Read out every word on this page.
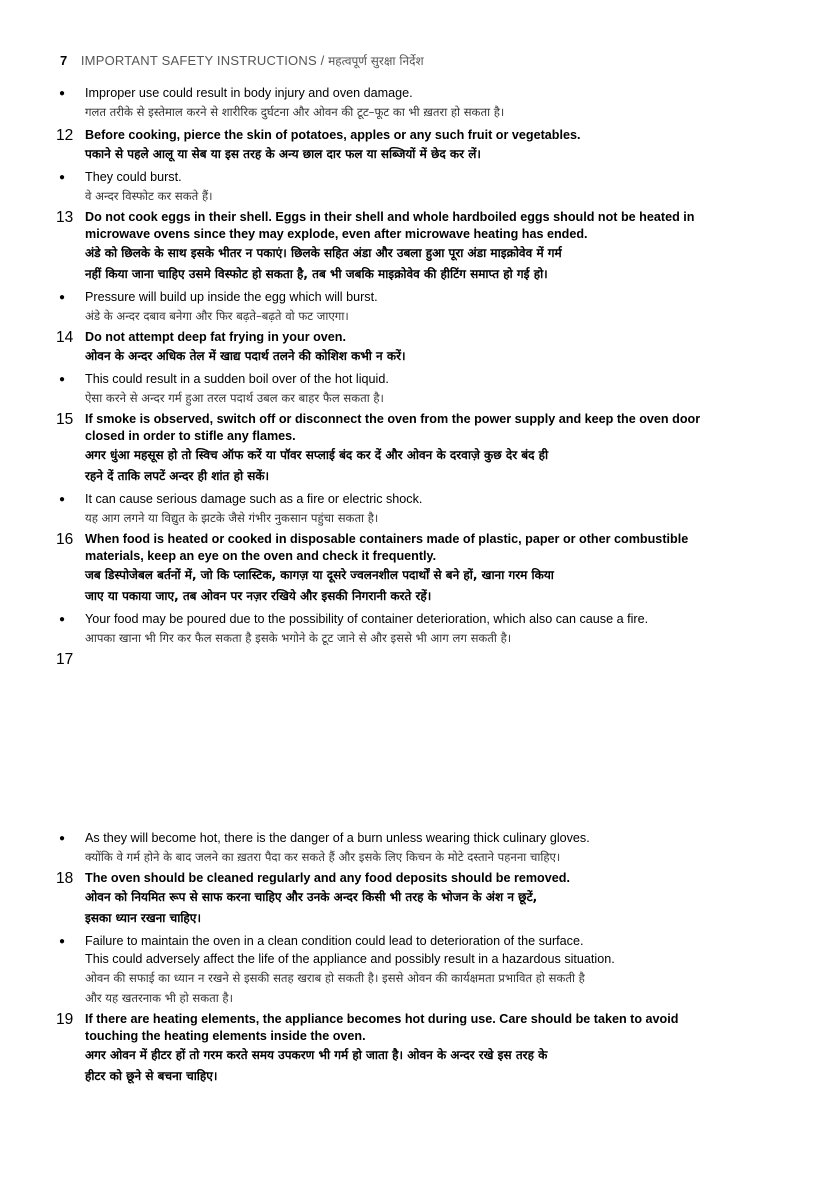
7 IMPORTANT SAFETY INSTRUCTIONS / महत्वपूर्ण सुरक्षा निर्देश
● Improper use could result in body injury and oven damage.
गलत तरीके से इस्तेमाल करने से शारीरिक दुर्घटना और ओवन की टूट–फूट का भी ख़तरा हो सकता है।
12 Before cooking, pierce the skin of potatoes, apples or any such fruit or vegetables.
पकाने से पहले आलू या सेब या इस तरह के अन्य छाल दार फल या सब्जियों में छेद कर लें।
● They could burst.
वे अन्दर विस्फोट कर सकते हैं।
13 Do not cook eggs in their shell. Eggs in their shell and whole hardboiled eggs should not be heated in
microwave ovens since they may explode, even after microwave heating has ended.
अंडे को छिलके के साथ इसके भीतर न पकाएं। छिलके सहित अंडा और उबला हुआ पूरा अंडा माइक्रोवेव में गर्म
नहीं किया जाना चाहिए उसमे विस्फोट हो सकता है, तब भी जबकि माइक्रोवेव की हीटिंग समाप्त हो गई हो।
● Pressure will build up inside the egg which will burst.
अंडे के अन्दर दबाव बनेगा और फिर बढ़ते–बढ़ते वो फट जाएगा।
14 Do not attempt deep fat frying in your oven.
ओवन के अन्दर अधिक तेल में खाद्य पदार्थ तलने की कोशिश कभी न करें।
● This could result in a sudden boil over of the hot liquid.
ऐसा करने से अन्दर गर्म हुआ तरल पदार्थ उबल कर बाहर फैल सकता है।
15 If smoke is observed, switch off or disconnect the oven from the power supply and keep the oven door
closed in order to stifle any flames.
अगर धुंआ महसूस हो तो स्विच ऑफ करें या पॉवर सप्लाई बंद कर दें और ओवन के दरवाज़े कुछ देर बंद ही
रहने दें ताकि लपटें अन्दर ही शांत हो सकें।
● It can cause serious damage such as a fire or electric shock.
यह आग लगने या विद्युत के झटके जैसे गंभीर नुकसान पहुंचा सकता है।
16 When food is heated or cooked in disposable containers made of plastic, paper or other combustible
materials, keep an eye on the oven and check it frequently.
जब डिस्पोजेबल बर्तनों में, जो कि प्लास्टिक, कागज़ या दूसरे ज्वलनशील पदार्थों से बने हों, खाना गरम किया
जाए या पकाया जाए, तब ओवन पर नज़र रखिये और इसकी निगरानी करते रहें।
● Your food may be poured due to the possibility of container deterioration, which also can cause a fire.
आपका खाना भी गिर कर फैल सकता है इसके भगोने के टूट जाने से और इससे भी आग लग सकती है।
17
● As they will become hot, there is the danger of a burn unless wearing thick culinary gloves.
क्योंकि वे गर्म होने के बाद जलने का ख़तरा पैदा कर सकते हैं और इसके लिए किचन के मोटे दस्ताने पहनना चाहिए।
18 The oven should be cleaned regularly and any food deposits should be removed.
ओवन को नियमित रूप से साफ करना चाहिए और उनके अन्दर किसी भी तरह के भोजन के अंश न छूटें,
इसका ध्यान रखना चाहिए।
● Failure to maintain the oven in a clean condition could lead to deterioration of the surface.
This could adversely affect the life of the appliance and possibly result in a hazardous situation.
ओवन की सफाई का ध्यान न रखने से इसकी सतह खराब हो सकती है। इससे ओवन की कार्यक्षमता प्रभावित हो सकती है
और यह खतरनाक भी हो सकता है।
19 If there are heating elements, the appliance becomes hot during use. Care should be taken to avoid
touching the heating elements inside the oven.
अगर ओवन में हीटर हों तो गरम करते समय उपकरण भी गर्म हो जाता है। ओवन के अन्दर रखे इस तरह के
हीटर को छूने से बचना चाहिए।
